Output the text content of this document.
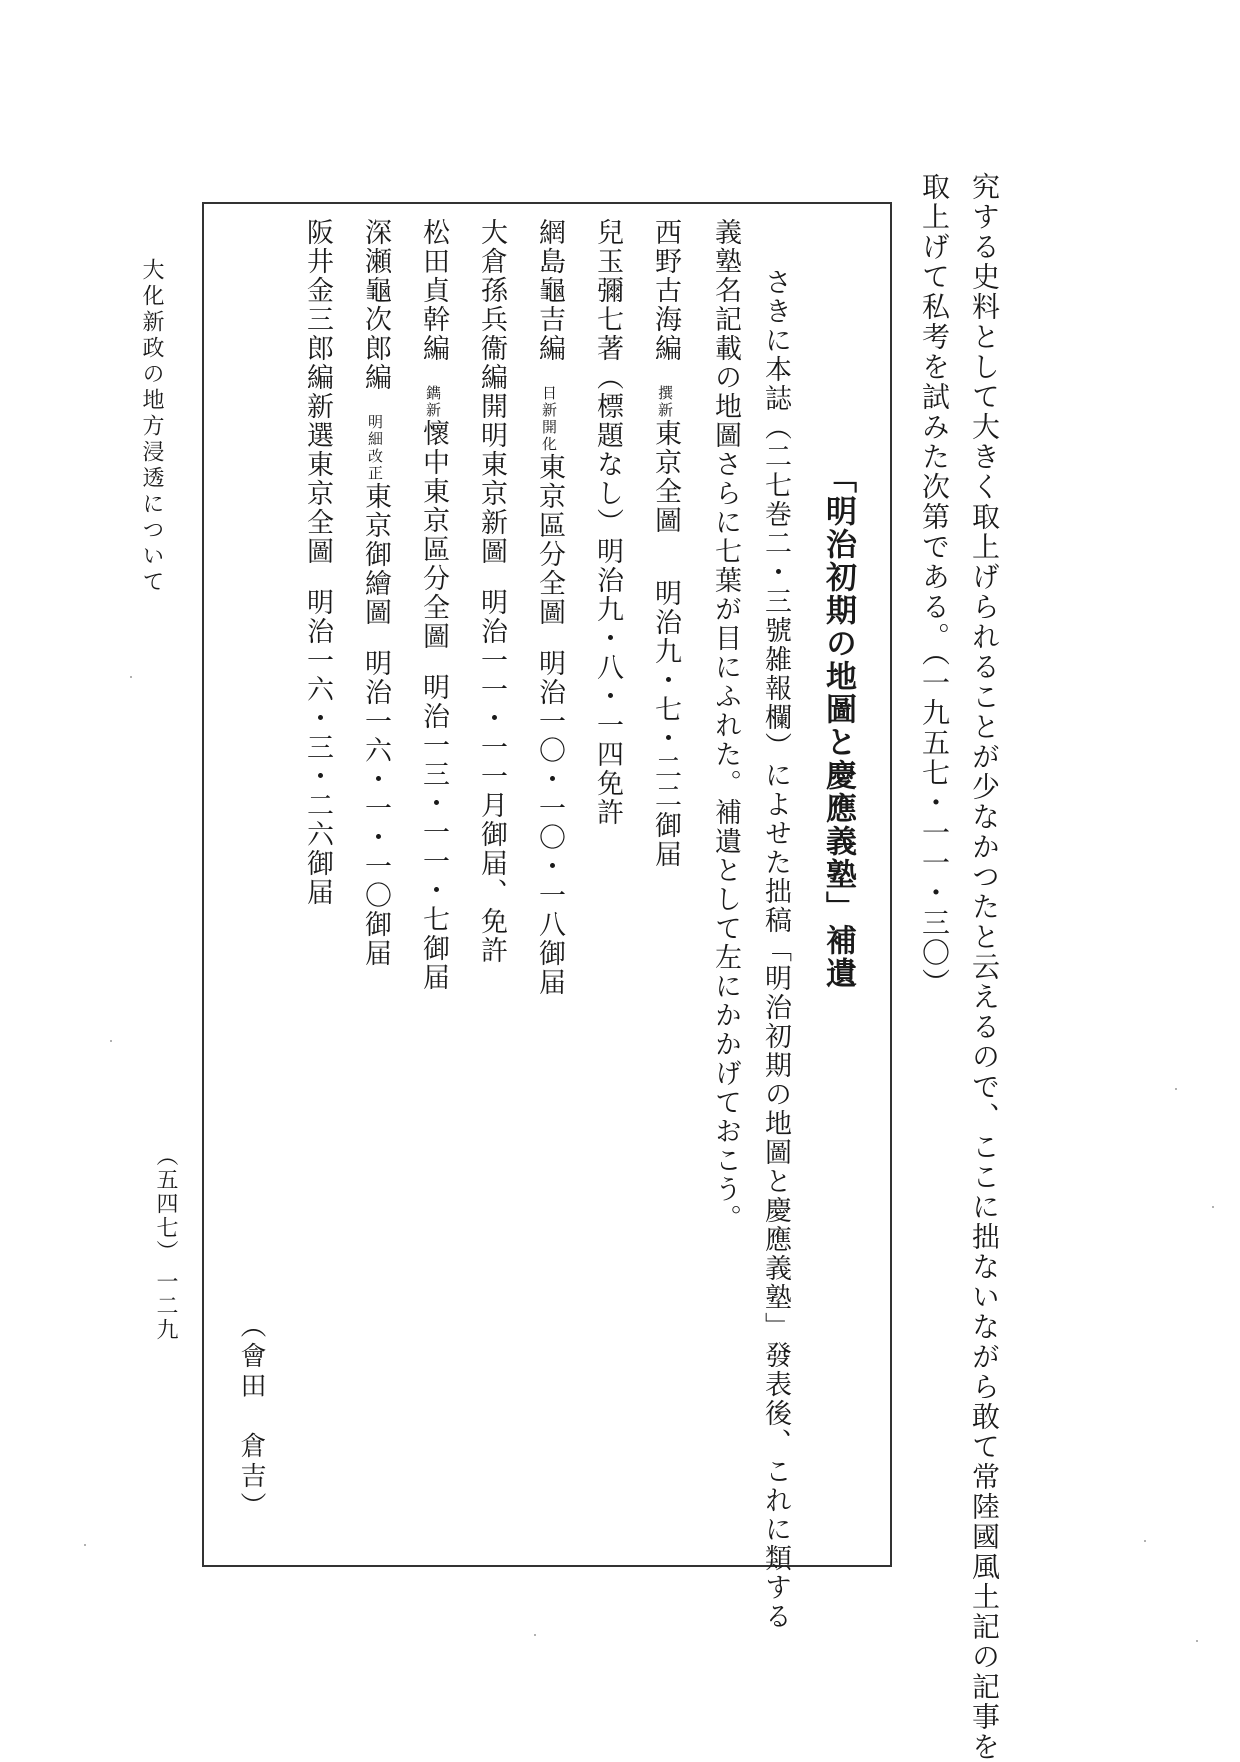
究する史料として大きく取上げられることが少なかつたと云えるので、ここに拙ないながら敢て常陸國風土記の記事を
取上げて私考を試みた次第である。（一九五七・一一・三〇）
「明治初期の地圖と慶應義塾」補遺
さきに本誌（二七巻二・三號雑報欄）によせた拙稿「明治初期の地圖と慶應義塾」發表後、これに類する
義塾名記載の地圖さらに七葉が目にふれた。補遺として左にかかげておこう。
西野古海編
新
撰
東京全圖明治九・七・二二御届
兒玉彌七著（標題なし）明治九・八・一四免許
網島龜吉編
開化
日新
東京區分全圖明治一〇・一〇・一八御届
大倉孫兵衞編開明東京新圖明治一一・一一月御届、免許
松田貞幹編
新
鐫
懷中東京區分全圖明治一三・一一・七御届
深瀬龜次郎編
改正
明細
東京御繪圖明治一六・一・一〇御届
阪井金三郎編新選東京全圖明治一六・三・二六御届
（會田　倉吉）
大化新政の地方浸透について
（五四七）
一二九
